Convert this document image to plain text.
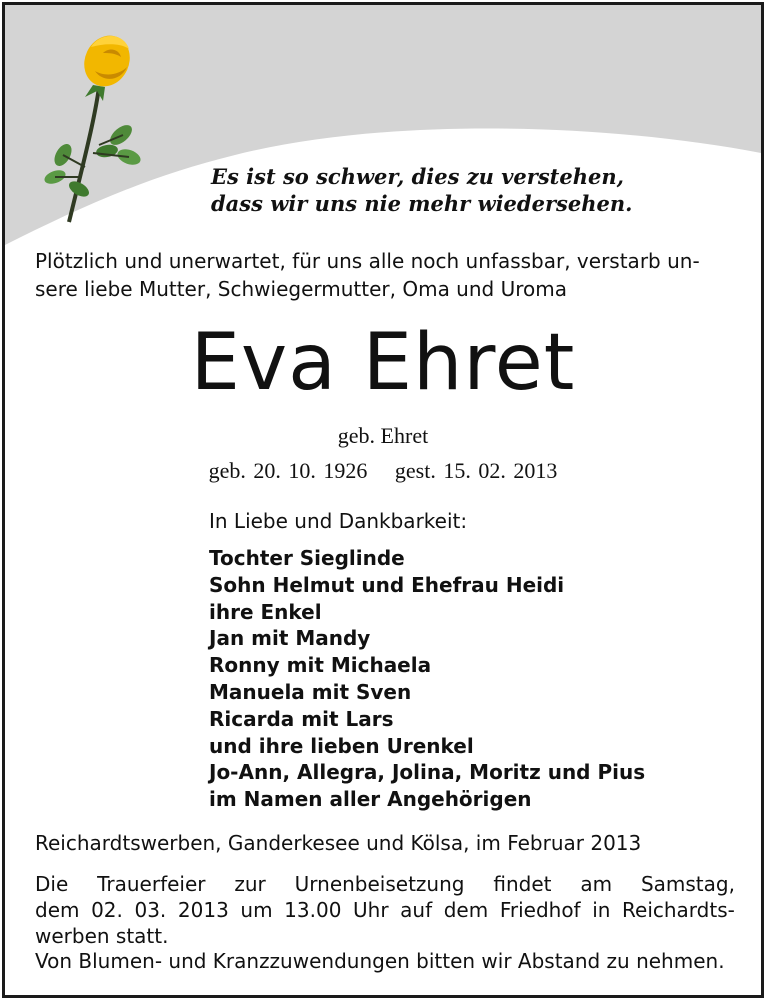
Es ist so schwer, dies zu verstehen,
dass wir uns nie mehr wiedersehen.
Plötzlich und unerwartet, für uns alle noch unfassbar, verstarb un-
sere liebe Mutter, Schwiegermutter, Oma und Uroma
Eva Ehret
geb. Ehret
geb. 20. 10. 1926 gest. 15. 02. 2013
In Liebe und Dankbarkeit:
Tochter Sieglinde
Sohn Helmut und Ehefrau Heidi
ihre Enkel
Jan mit Mandy
Ronny mit Michaela
Manuela mit Sven
Ricarda mit Lars
und ihre lieben Urenkel
Jo-Ann, Allegra, Jolina, Moritz und Pius
im Namen aller Angehörigen
Reichardtswerben, Ganderkesee und Kölsa, im Februar 2013
Die Trauerfeier zur Urnenbeisetzung findet am Samstag,
dem 02. 03. 2013 um 13.00 Uhr auf dem Friedhof in Reichardts-
werben statt.
Von Blumen- und Kranzzuwendungen bitten wir Abstand zu nehmen.
